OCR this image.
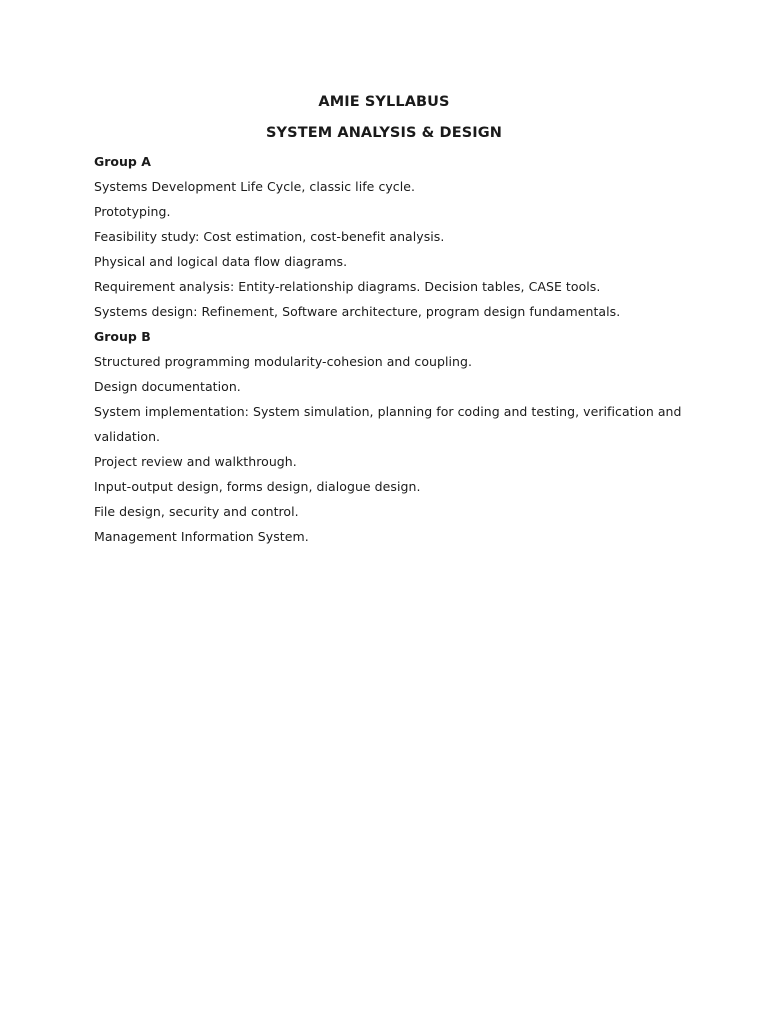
AMIE SYLLABUS
SYSTEM ANALYSIS & DESIGN
Group A
Systems Development Life Cycle, classic life cycle.
Prototyping.
Feasibility study: Cost estimation, cost-benefit analysis.
Physical and logical data flow diagrams.
Requirement analysis: Entity-relationship diagrams. Decision tables, CASE tools.
Systems design: Refinement, Software architecture, program design fundamentals.
Group B
Structured programming modularity-cohesion and coupling.
Design documentation.
System implementation: System simulation, planning for coding and testing, verification and validation.
Project review and walkthrough.
Input-output design, forms design, dialogue design.
File design, security and control.
Management Information System.
